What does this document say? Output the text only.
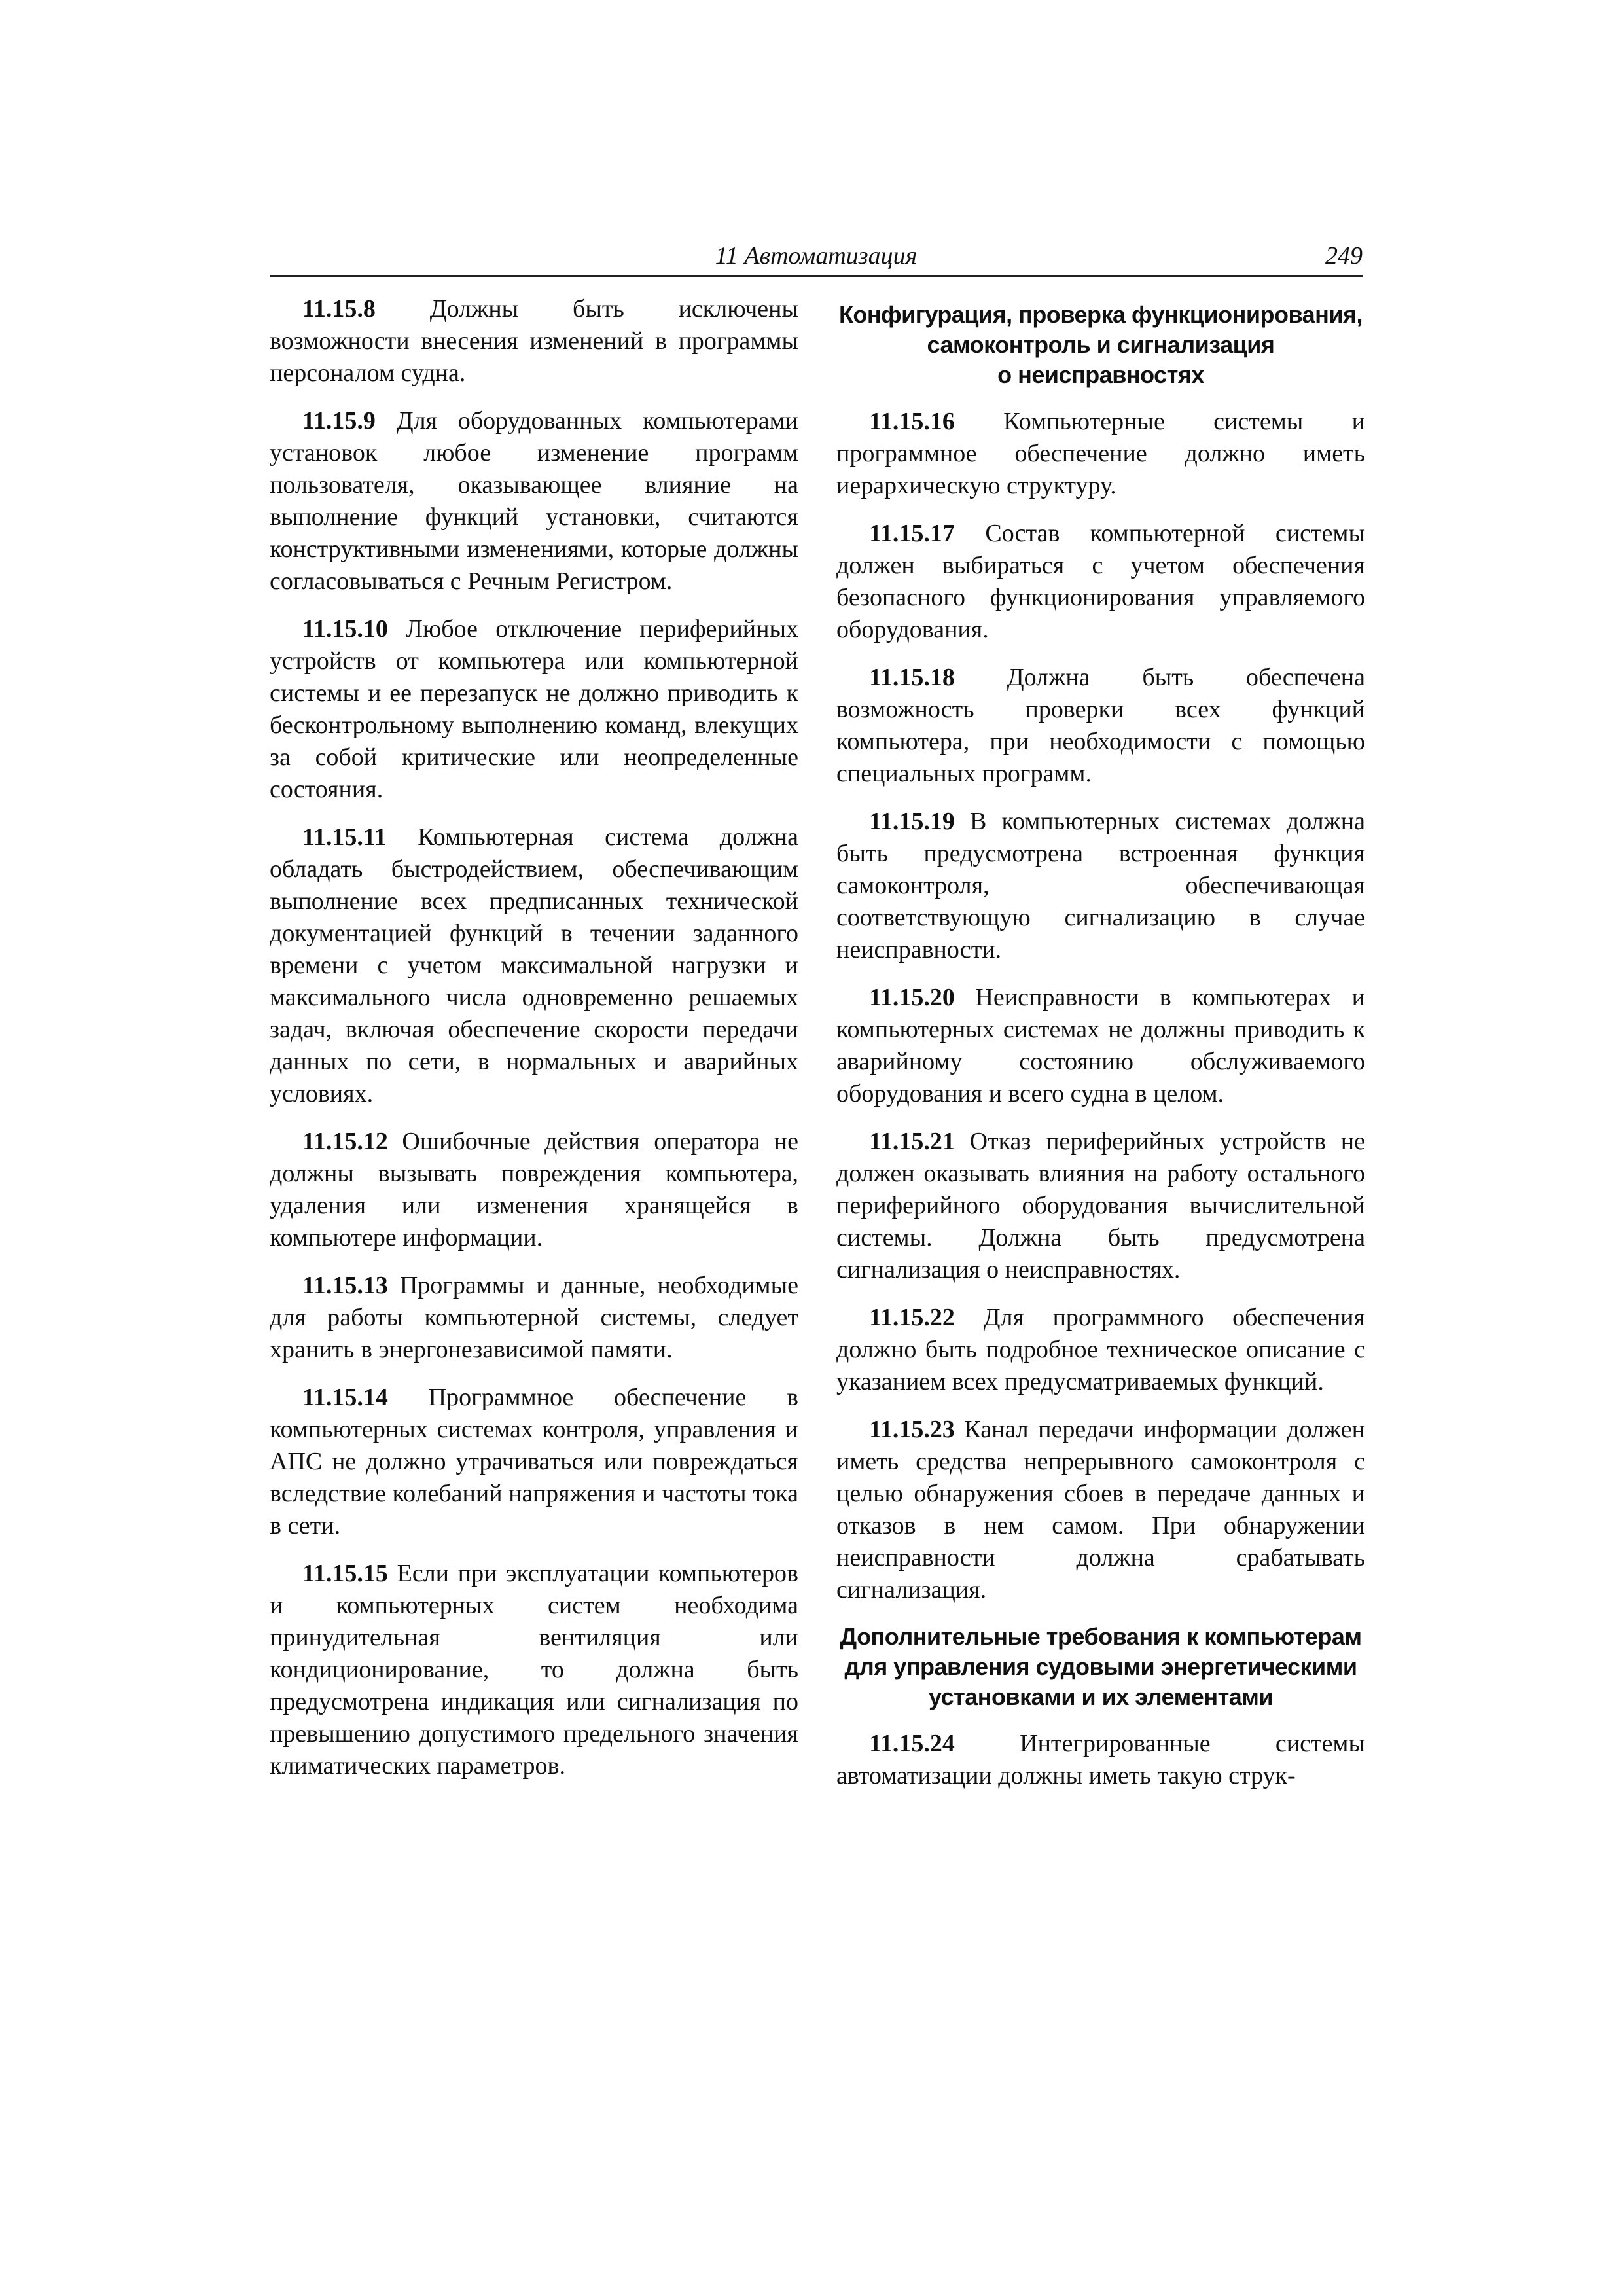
11 Автоматизация	249

11.15.8 Должны быть исключены возможности внесения изменений в программы персоналом судна.

11.15.9 Для оборудованных компьютерами установок любое изменение программ пользователя, оказывающее влияние на выполнение функций установки, считаются конструктивными изменениями, которые должны согласовываться с Речным Регистром.

11.15.10 Любое отключение периферийных устройств от компьютера или компьютерной системы и ее перезапуск не должно приводить к бесконтрольному выполнению команд, влекущих за собой критические или неопределенные состояния.

11.15.11 Компьютерная система должна обладать быстродействием, обеспечивающим выполнение всех предписанных технической документацией функций в течении заданного времени с учетом максимальной нагрузки и максимального числа одновременно решаемых задач, включая обеспечение скорости передачи данных по сети, в нормальных и аварийных условиях.

11.15.12 Ошибочные действия оператора не должны вызывать повреждения компьютера, удаления или изменения хранящейся в компьютере информации.

11.15.13 Программы и данные, необходимые для работы компьютерной системы, следует хранить в энергонезависимой памяти.

11.15.14 Программное обеспечение в компьютерных системах контроля, управления и АПС не должно утрачиваться или повреждаться вследствие колебаний напряжения и частоты тока в сети.

11.15.15 Если при эксплуатации компьютеров и компьютерных систем необходима принудительная вентиляция или кондиционирование, то должна быть предусмотрена индикация или сигнализация по превышению допустимого предельного значения климатических параметров.

Конфигурация, проверка функционирования,
самоконтроль и сигнализация
о неисправностях

11.15.16 Компьютерные системы и программное обеспечение должно иметь иерархическую структуру.

11.15.17 Состав компьютерной системы должен выбираться с учетом обеспечения безопасного функционирования управляемого оборудования.

11.15.18 Должна быть обеспечена возможность проверки всех функций компьютера, при необходимости с помощью специальных программ.

11.15.19 В компьютерных системах должна быть предусмотрена встроенная функция самоконтроля, обеспечивающая соответствующую сигнализацию в случае неисправности.

11.15.20 Неисправности в компьютерах и компьютерных системах не должны приводить к аварийному состоянию обслуживаемого оборудования и всего судна в целом.

11.15.21 Отказ периферийных устройств не должен оказывать влияния на работу остального периферийного оборудования вычислительной системы. Должна быть предусмотрена сигнализация о неисправностях.

11.15.22 Для программного обеспечения должно быть подробное техническое описание с указанием всех предусматриваемых функций.

11.15.23 Канал передачи информации должен иметь средства непрерывного самоконтроля с целью обнаружения сбоев в передаче данных и отказов в нем самом. При обнаружении неисправности должна срабатывать сигнализация.

Дополнительные требования к компьютерам
для управления судовыми энергетическими
установками и их элементами

11.15.24	Интегрированные системы автоматизации должны иметь такую струк-
